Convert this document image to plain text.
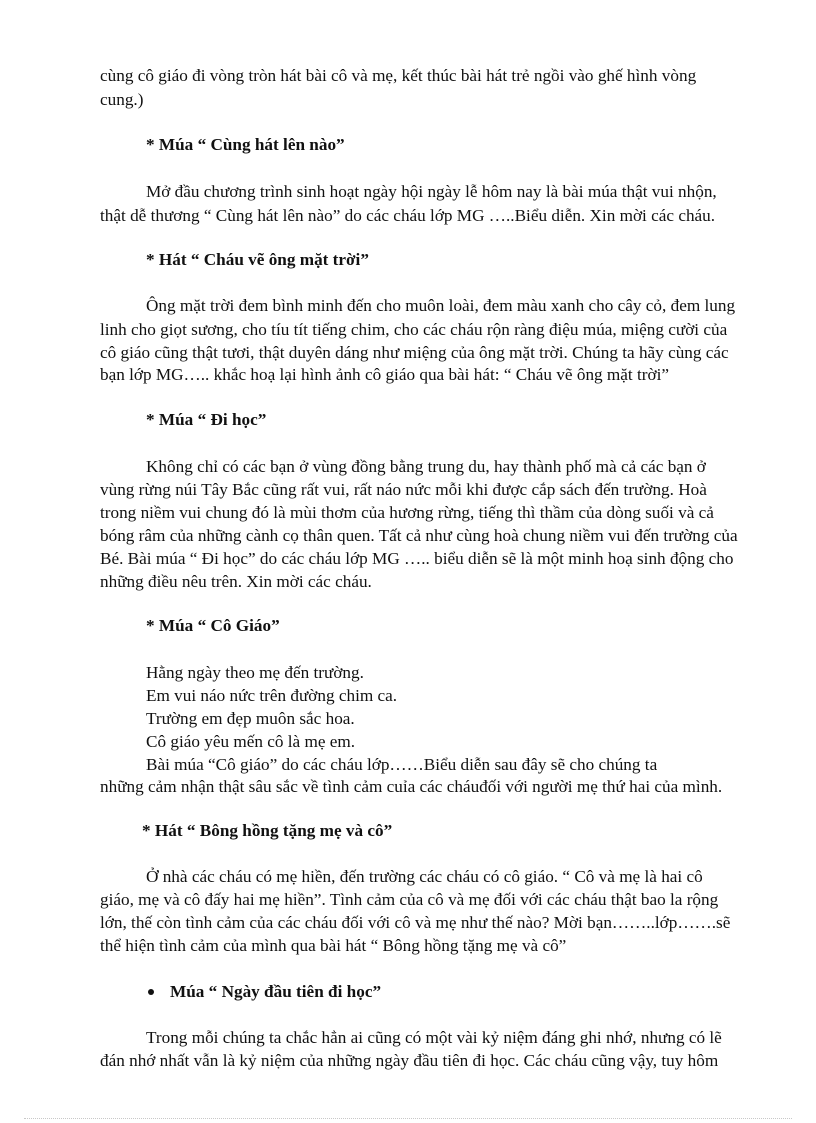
cùng cô giáo đi vòng tròn hát bài cô và mẹ, kết thúc bài hát trẻ ngồi vào ghế hình vòng
cung.)
* Múa “ Cùng hát lên nào”
Mở đầu chương trình sinh hoạt ngày hội ngày lễ hôm nay là bài múa thật vui nhộn,
thật dễ thương “ Cùng hát lên nào” do các cháu lớp MG …..Biểu diễn. Xin mời các cháu.
* Hát “ Cháu vẽ ông mặt trời”
Ông mặt trời đem bình minh đến cho muôn loài, đem màu xanh cho cây cỏ, đem lung
linh cho giọt sương, cho tíu tít tiếng chim, cho các cháu rộn ràng điệu múa, miệng cười của
cô giáo cũng thật tươi, thật duyên dáng như miệng của ông mặt trời. Chúng ta hãy cùng các
bạn lớp MG….. khắc hoạ lại hình ảnh cô giáo qua bài hát: “ Cháu vẽ ông mặt trời”
* Múa “ Đi học”
Không chỉ có các bạn ở vùng đồng bằng trung du, hay thành phố mà cả các bạn ở
vùng rừng núi Tây Bắc cũng rất vui, rất náo nức mỗi khi được cắp sách đến trường. Hoà
trong niềm vui chung đó là mùi thơm của hương rừng, tiếng thì thầm của dòng suối và cả
bóng râm của những cành cọ thân quen. Tất cả như cùng hoà chung niềm vui đến trường của
Bé. Bài múa “ Đi học” do các cháu lớp MG ….. biểu diễn sẽ là một minh hoạ sinh động cho
những điều nêu trên. Xin mời các cháu.
* Múa “ Cô Giáo”
Hằng ngày theo mẹ đến trường.
Em vui náo nức trên đường chim ca.
Trường em đẹp muôn sắc hoa.
Cô giáo yêu mến cô là mẹ em.
Bài múa “Cô giáo” do các cháu lớp……Biểu diễn sau đây sẽ cho chúng ta
những cảm nhận thật sâu sắc về tình cảm cuỉa các cháuđối với người mẹ thứ hai của mình.
* Hát “ Bông hồng tặng mẹ và cô”
Ở nhà các cháu có mẹ hiền, đến trường các cháu có cô giáo. “ Cô và mẹ là hai cô
giáo, mẹ và cô đấy hai mẹ hiền”. Tình cảm của cô và mẹ đối với các cháu thật bao la rộng
lớn, thế còn tình cảm của các cháu đối với cô và mẹ như thế nào? Mời bạn……..lớp…….sẽ
thể hiện tình cảm của mình qua bài hát “ Bông hồng tặng mẹ và cô”
Múa “ Ngày đầu tiên đi học”
Trong mỗi chúng ta chắc hẳn ai cũng có một vài kỷ niệm đáng ghi nhớ, nhưng có lẽ
đán nhớ nhất vẫn là kỷ niệm của những ngày đầu tiên đi học. Các cháu cũng vậy, tuy hôm
